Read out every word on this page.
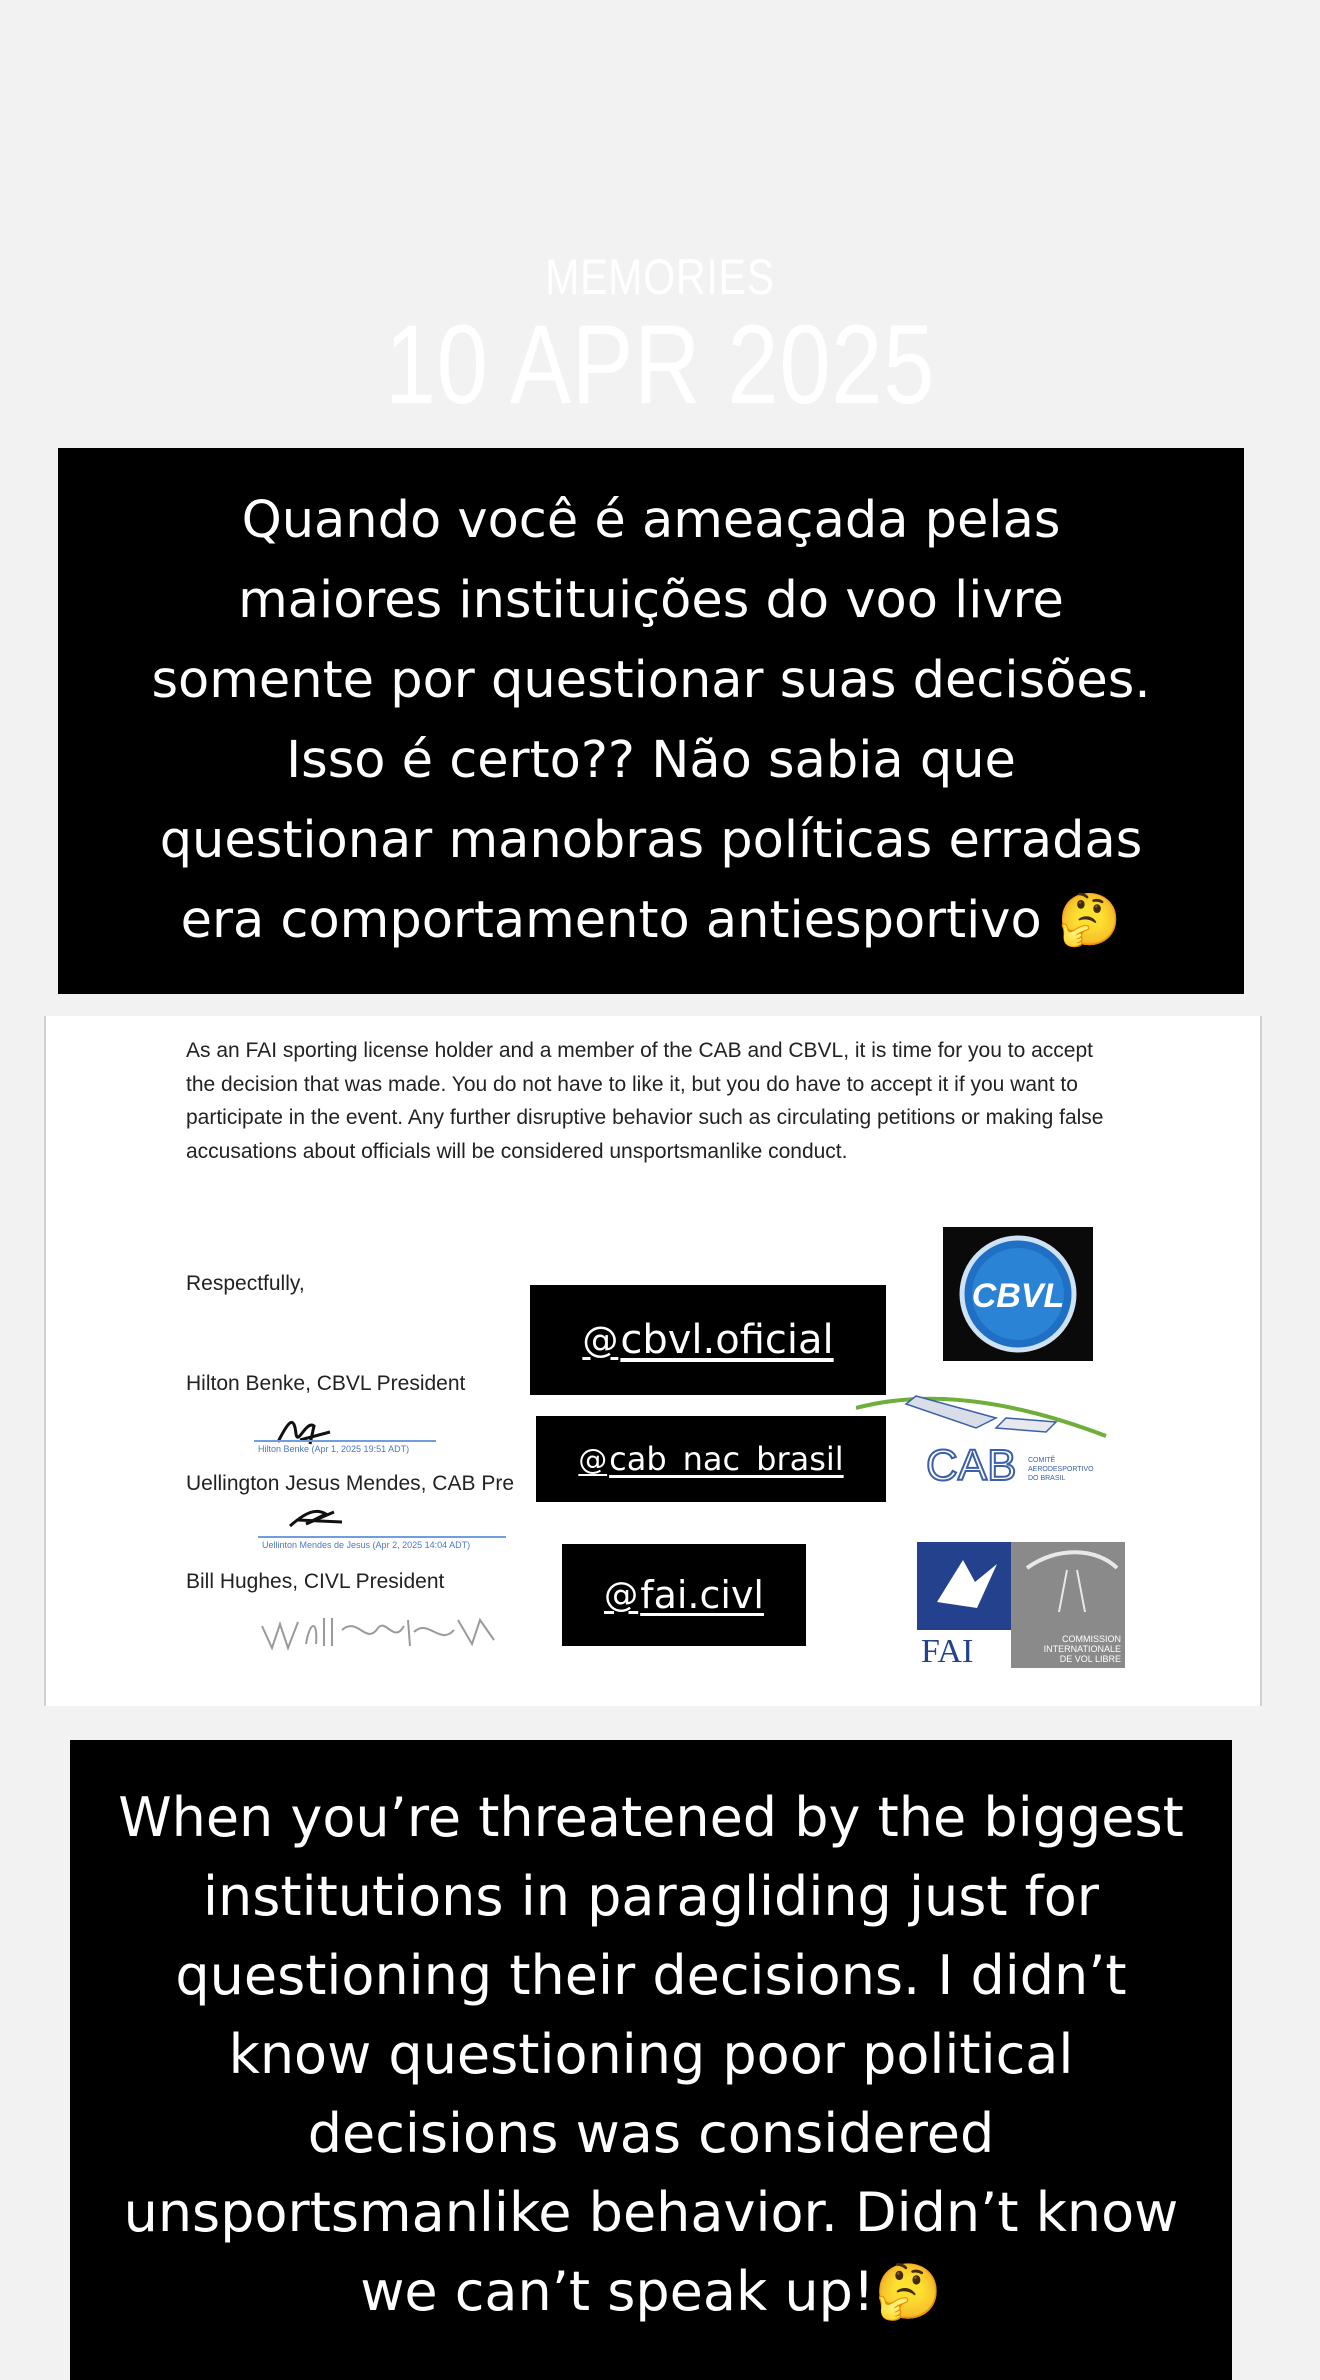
MEMORIES
10 APR 2025
Quando você é ameaçada pelas
maiores instituições do voo livre
somente por questionar suas decisões.
Isso é certo?? Não sabia que
questionar manobras políticas erradas
era comportamento antiesportivo 🤔
As an FAI sporting license holder and a member of the CAB and CBVL, it is time for you to accept the decision that was made. You do not have to like it, but you do have to accept it if you want to participate in the event. Any further disruptive behavior such as circulating petitions or making false accusations about officials will be considered unsportsmanlike conduct.
Respectfully,
Hilton Benke, CBVL President
Hilton Benke (Apr 1, 2025 19:51 ADT)
Uellington Jesus Mendes, CAB Pre
Uellinton Mendes de Jesus (Apr 2, 2025 14:04 ADT)
Bill Hughes, CIVL President
@ cbvl.oficial
@ cab_nac_brasil
@ fai.civl
CBVL
CAB COMITÊ
AERODESPORTIVO
DO BRASIL
FAI	COMMISSION
INTERNATIONALE
DE VOL LIBRE
When you’re threatened by the biggest
institutions in paragliding just for
questioning their decisions. I didn’t
know questioning poor political
decisions was considered
unsportsmanlike behavior. Didn’t know
we can’t speak up!🤔
